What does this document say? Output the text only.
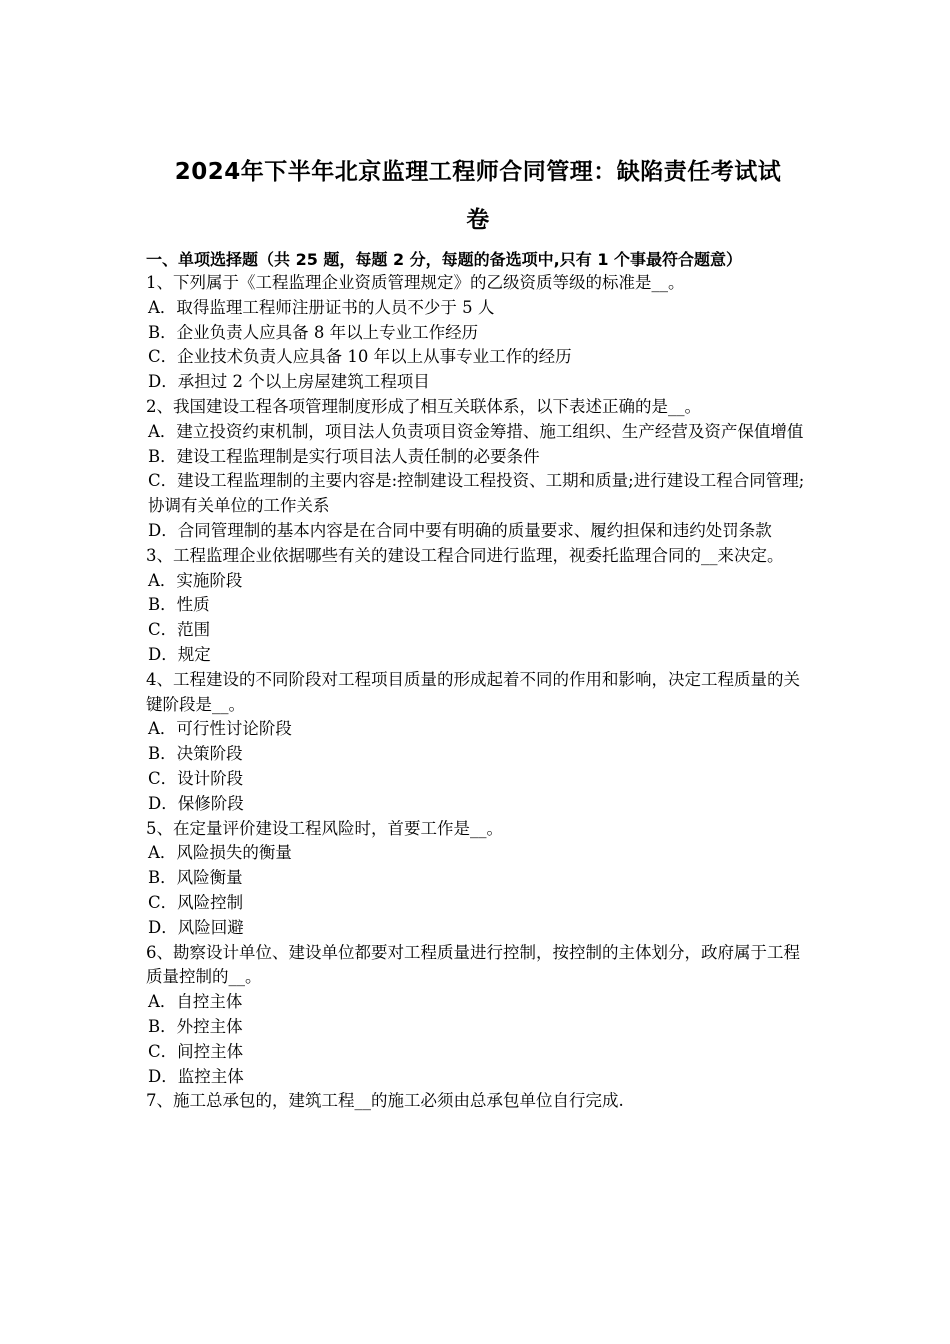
2024年下半年北京监理工程师合同管理：缺陷责任考试试
卷
一、单项选择题（共 25 题，每题 2 分，每题的备选项中,只有 1 个事最符合题意）
1、下列属于《工程监理企业资质管理规定》的乙级资质等级的标准是__。
A．取得监理工程师注册证书的人员不少于 5 人
B．企业负责人应具备 8 年以上专业工作经历
C．企业技术负责人应具备 10 年以上从事专业工作的经历
D．承担过 2 个以上房屋建筑工程项目
2、我国建设工程各项管理制度形成了相互关联体系，以下表述正确的是__。
A．建立投资约束机制，项目法人负责项目资金筹措、施工组织、生产经营及资产保值增值
B．建设工程监理制是实行项目法人责任制的必要条件
C．建设工程监理制的主要内容是:控制建设工程投资、工期和质量;进行建设工程合同管理;协调有关单位的工作关系
D．合同管理制的基本内容是在合同中要有明确的质量要求、履约担保和违约处罚条款
3、工程监理企业依据哪些有关的建设工程合同进行监理，视委托监理合同的__来决定。
A．实施阶段
B．性质
C．范围
D．规定
4、工程建设的不同阶段对工程项目质量的形成起着不同的作用和影响，决定工程质量的关键阶段是__。
A．可行性讨论阶段
B．决策阶段
C．设计阶段
D．保修阶段
5、在定量评价建设工程风险时，首要工作是__。
A．风险损失的衡量
B．风险衡量
C．风险控制
D．风险回避
6、勘察设计单位、建设单位都要对工程质量进行控制，按控制的主体划分，政府属于工程质量控制的__。
A．自控主体
B．外控主体
C．间控主体
D．监控主体
7、施工总承包的，建筑工程__的施工必须由总承包单位自行完成.
